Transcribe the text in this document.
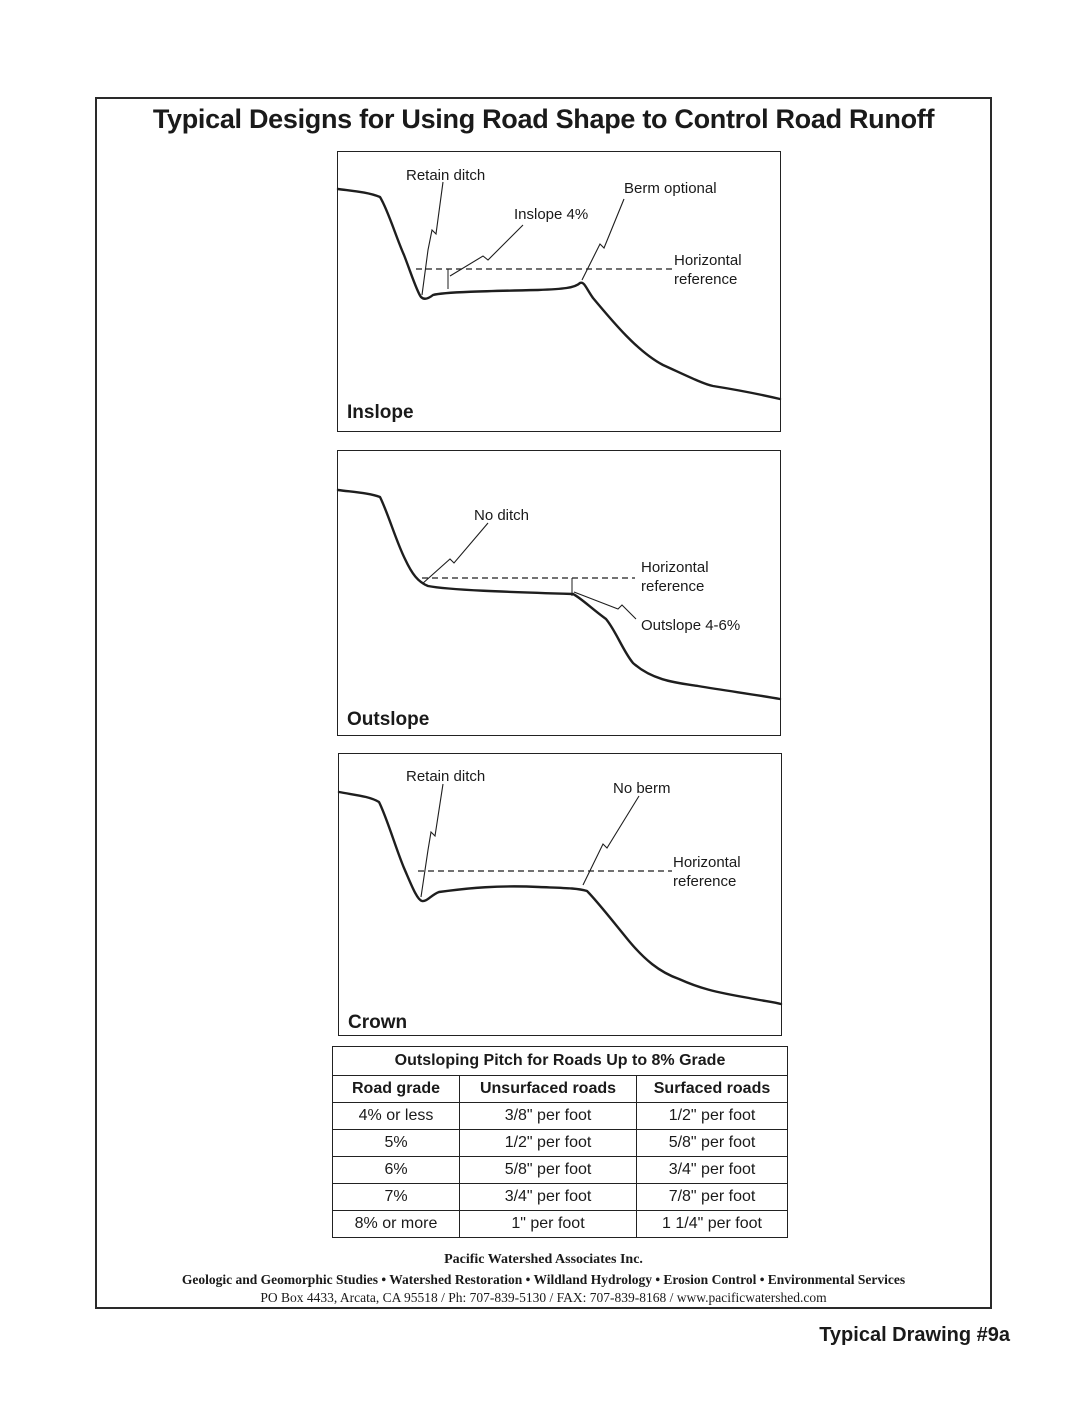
Typical Designs for Using Road Shape to Control Road Runoff
Retain ditch
Berm optional
Inslope 4%
Horizontal
reference
Inslope
No ditch
Horizontal
reference
Outslope 4-6%
Outslope
Retain ditch
No berm
Horizontal
reference
Crown
Outsloping Pitch for Roads Up to 8% Grade		
Road grade	Unsurfaced roads	Surfaced roads
4% or less	3/8" per foot	1/2" per foot
5%	1/2" per foot	5/8" per foot
6%	5/8" per foot	3/4" per foot
7%	3/4" per foot	7/8" per foot
8% or more	1" per foot	1 1/4" per foot
Pacific Watershed Associates Inc.
Geologic and Geomorphic Studies • Watershed Restoration • Wildland Hydrology • Erosion Control • Environmental Services
PO Box 4433, Arcata, CA 95518 / Ph: 707-839-5130 / FAX: 707-839-8168 / www.pacificwatershed.com
Typical Drawing #9a
